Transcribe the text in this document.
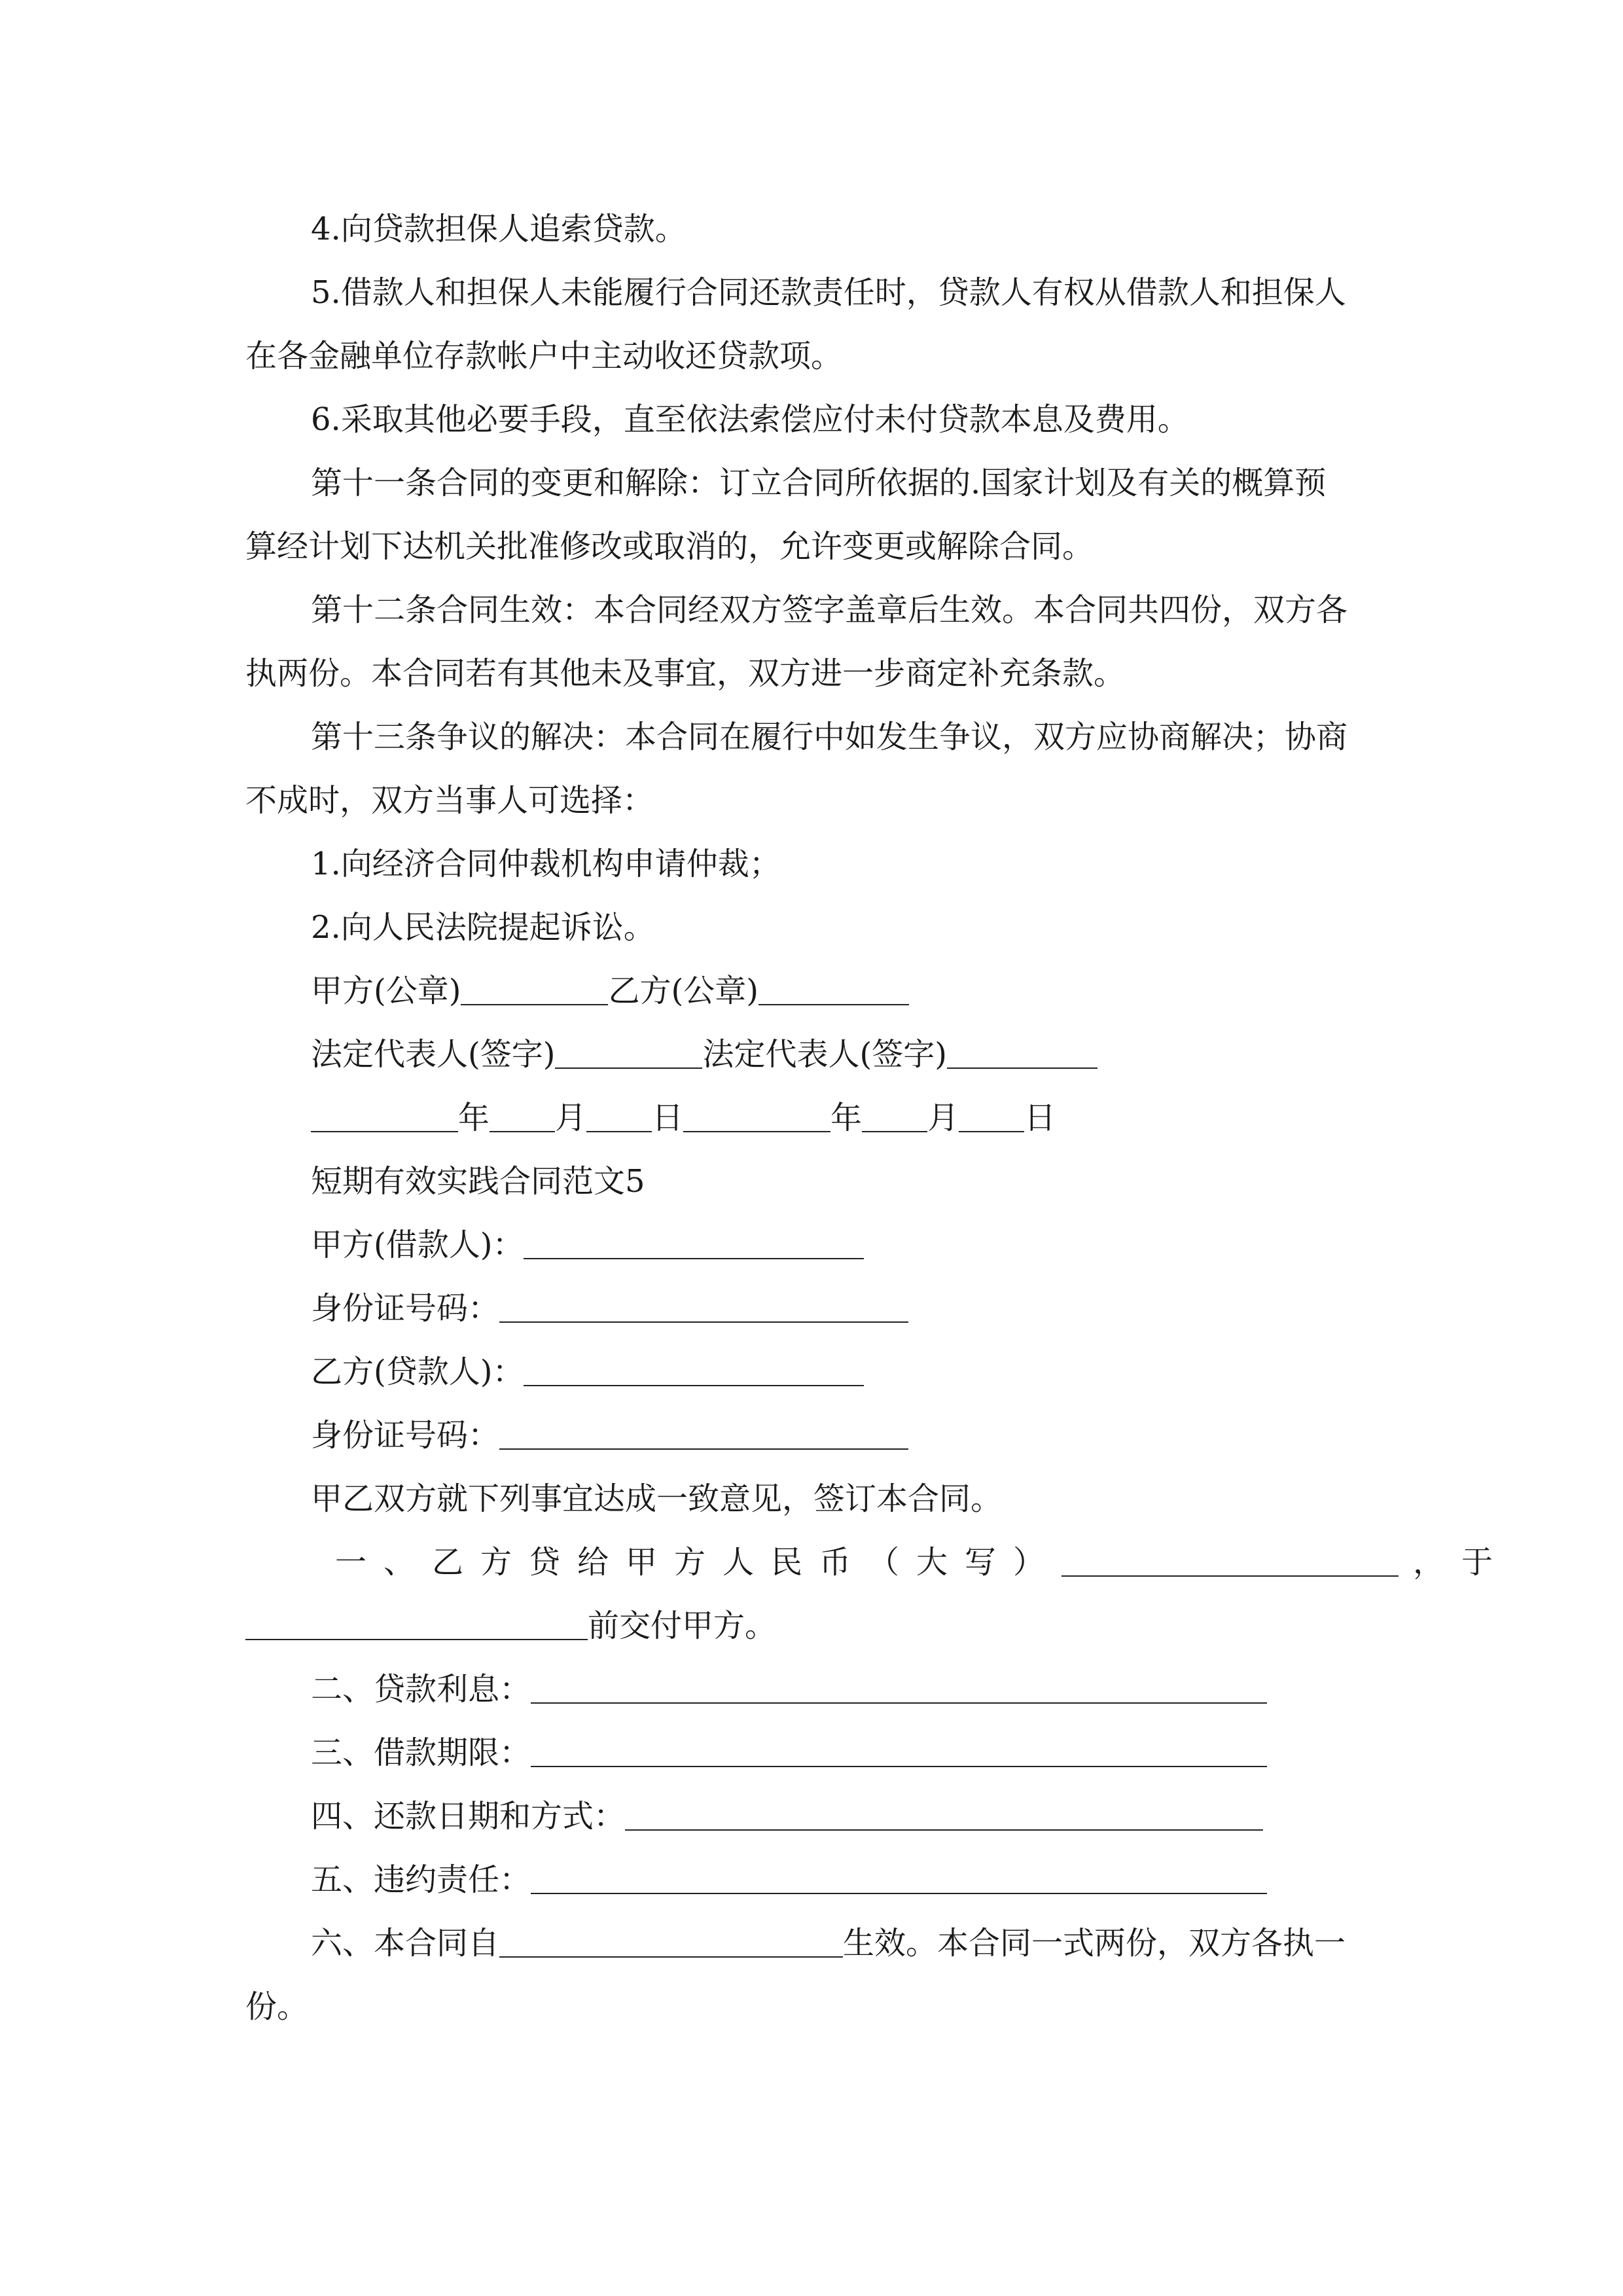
4.向贷款担保人追索贷款。
5.借款人和担保人未能履行合同还款责任时，贷款人有权从借款人和担保人
在各金融单位存款帐户中主动收还贷款项。
6.采取其他必要手段，直至依法索偿应付未付贷款本息及费用。
第十一条合同的变更和解除：订立合同所依据的.国家计划及有关的概算预
算经计划下达机关批准修改或取消的，允许变更或解除合同。
第十二条合同生效：本合同经双方签字盖章后生效。本合同共四份，双方各
执两份。本合同若有其他未及事宜，双方进一步商定补充条款。
第十三条争议的解决：本合同在履行中如发生争议，双方应协商解决；协商
不成时，双方当事人可选择：
1.向经济合同仲裁机构申请仲裁；
2.向人民法院提起诉讼。
甲方(公章)	乙方(公章)
法定代表人(签字)	法定代表人(签字)
年 月 日	年 月 日
短期有效实践合同范文5
甲方(借款人)：
身份证号码：
乙方(贷款人)：
身份证号码：
甲乙双方就下列事宜达成一致意见，签订本合同。
一、乙方贷给甲方人民币（大写）	，于
前交付甲方。
二、贷款利息：
三、借款期限：
四、还款日期和方式：
五、违约责任：
六、本合同自	生效。本合同一式两份，双方各执一
份。
